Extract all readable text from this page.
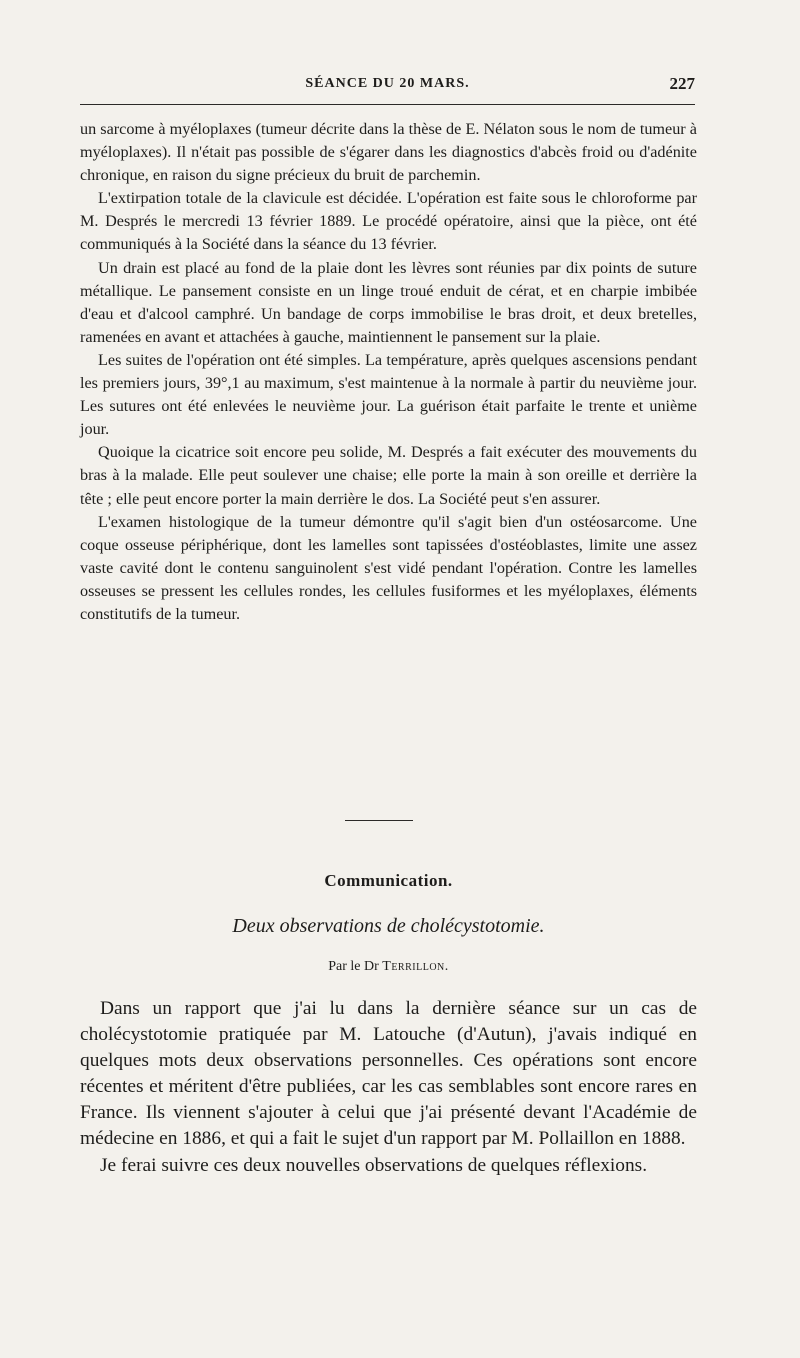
SÉANCE DU 20 MARS.	227

un sarcome à myéloplaxes (tumeur décrite dans la thèse de E. Nélaton sous le nom de tumeur à myéloplaxes). Il n'était pas possible de s'égarer dans les diagnostics d'abcès froid ou d'adénite chronique, en raison du signe précieux du bruit de parchemin.

L'extirpation totale de la clavicule est décidée. L'opération est faite sous le chloroforme par M. Després le mercredi 13 février 1889. Le procédé opératoire, ainsi que la pièce, ont été communiqués à la Société dans la séance du 13 février.

Un drain est placé au fond de la plaie dont les lèvres sont réunies par dix points de suture métallique. Le pansement consiste en un linge troué enduit de cérat, et en charpie imbibée d'eau et d'alcool camphré. Un bandage de corps immobilise le bras droit, et deux bretelles, ramenées en avant et attachées à gauche, maintiennent le pansement sur la plaie.

Les suites de l'opération ont été simples. La température, après quelques ascensions pendant les premiers jours, 39°,1 au maximum, s'est maintenue à la normale à partir du neuvième jour. Les sutures ont été enlevées le neuvième jour. La guérison était parfaite le trente et unième jour.

Quoique la cicatrice soit encore peu solide, M. Després a fait exécuter des mouvements du bras à la malade. Elle peut soulever une chaise; elle porte la main à son oreille et derrière la tête ; elle peut encore porter la main derrière le dos. La Société peut s'en assurer.

L'examen histologique de la tumeur démontre qu'il s'agit bien d'un ostéosarcome. Une coque osseuse périphérique, dont les lamelles sont tapissées d'ostéoblastes, limite une assez vaste cavité dont le contenu sanguinolent s'est vidé pendant l'opération. Contre les lamelles osseuses se pressent les cellules rondes, les cellules fusiformes et les myéloplaxes, éléments constitutifs de la tumeur.

Communication.
Deux observations de cholécystotomie.
Par le Dr Terrillon.

Dans un rapport que j'ai lu dans la dernière séance sur un cas de cholécystotomie pratiquée par M. Latouche (d'Autun), j'avais indiqué en quelques mots deux observations personnelles. Ces opérations sont encore récentes et méritent d'être publiées, car les cas semblables sont encore rares en France. Ils viennent s'ajouter à celui que j'ai présenté devant l'Académie de médecine en 1886, et qui a fait le sujet d'un rapport par M. Pollaillon en 1888.

Je ferai suivre ces deux nouvelles observations de quelques réflexions.
